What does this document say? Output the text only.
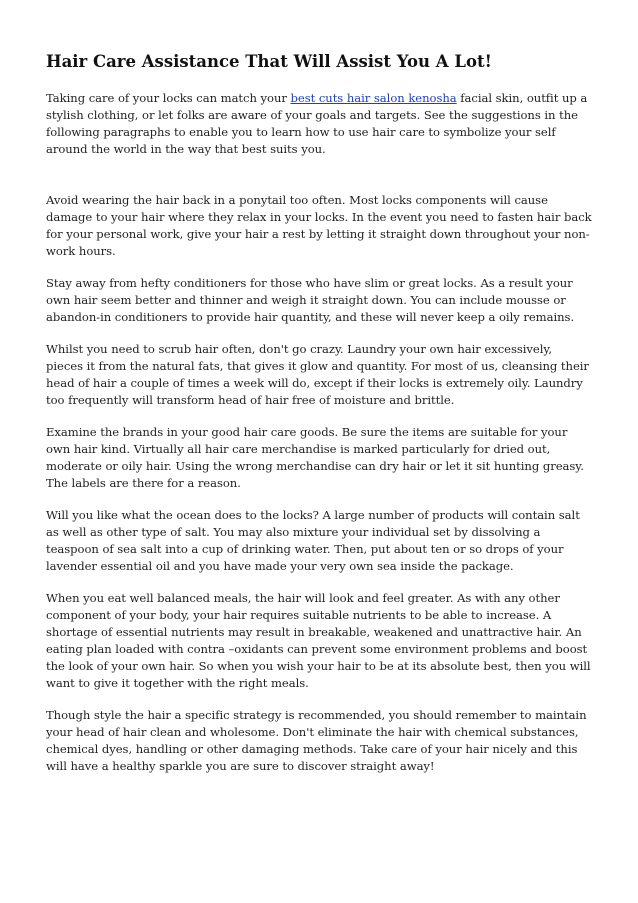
Hair Care Assistance That Will Assist You A Lot!

Taking care of your locks can match your best cuts hair salon kenosha facial skin, outfit up a stylish clothing, or let folks are aware of your goals and targets. See the suggestions in the following paragraphs to enable you to learn how to use hair care to symbolize your self around the world in the way that best suits you.

Avoid wearing the hair back in a ponytail too often. Most locks components will cause damage to your hair where they relax in your locks. In the event you need to fasten hair back for your personal work, give your hair a rest by letting it straight down throughout your non-work hours.

Stay away from hefty conditioners for those who have slim or great locks. As a result your own hair seem better and thinner and weigh it straight down. You can include mousse or abandon-in conditioners to provide hair quantity, and these will never keep a oily remains.

Whilst you need to scrub hair often, don't go crazy. Laundry your own hair excessively, pieces it from the natural fats, that gives it glow and quantity. For most of us, cleansing their head of hair a couple of times a week will do, except if their locks is extremely oily. Laundry too frequently will transform head of hair free of moisture and brittle.

Examine the brands in your good hair care goods. Be sure the items are suitable for your own hair kind. Virtually all hair care merchandise is marked particularly for dried out, moderate or oily hair. Using the wrong merchandise can dry hair or let it sit hunting greasy. The labels are there for a reason.

Will you like what the ocean does to the locks? A large number of products will contain salt as well as other type of salt. You may also mixture your individual set by dissolving a teaspoon of sea salt into a cup of drinking water. Then, put about ten or so drops of your lavender essential oil and you have made your very own sea inside the package.

When you eat well balanced meals, the hair will look and feel greater. As with any other component of your body, your hair requires suitable nutrients to be able to increase. A shortage of essential nutrients may result in breakable, weakened and unattractive hair. An eating plan loaded with contra –oxidants can prevent some environment problems and boost the look of your own hair. So when you wish your hair to be at its absolute best, then you will want to give it together with the right meals.

Though style the hair a specific strategy is recommended, you should remember to maintain your head of hair clean and wholesome. Don't eliminate the hair with chemical substances, chemical dyes, handling or other damaging methods. Take care of your hair nicely and this will have a healthy sparkle you are sure to discover straight away!
